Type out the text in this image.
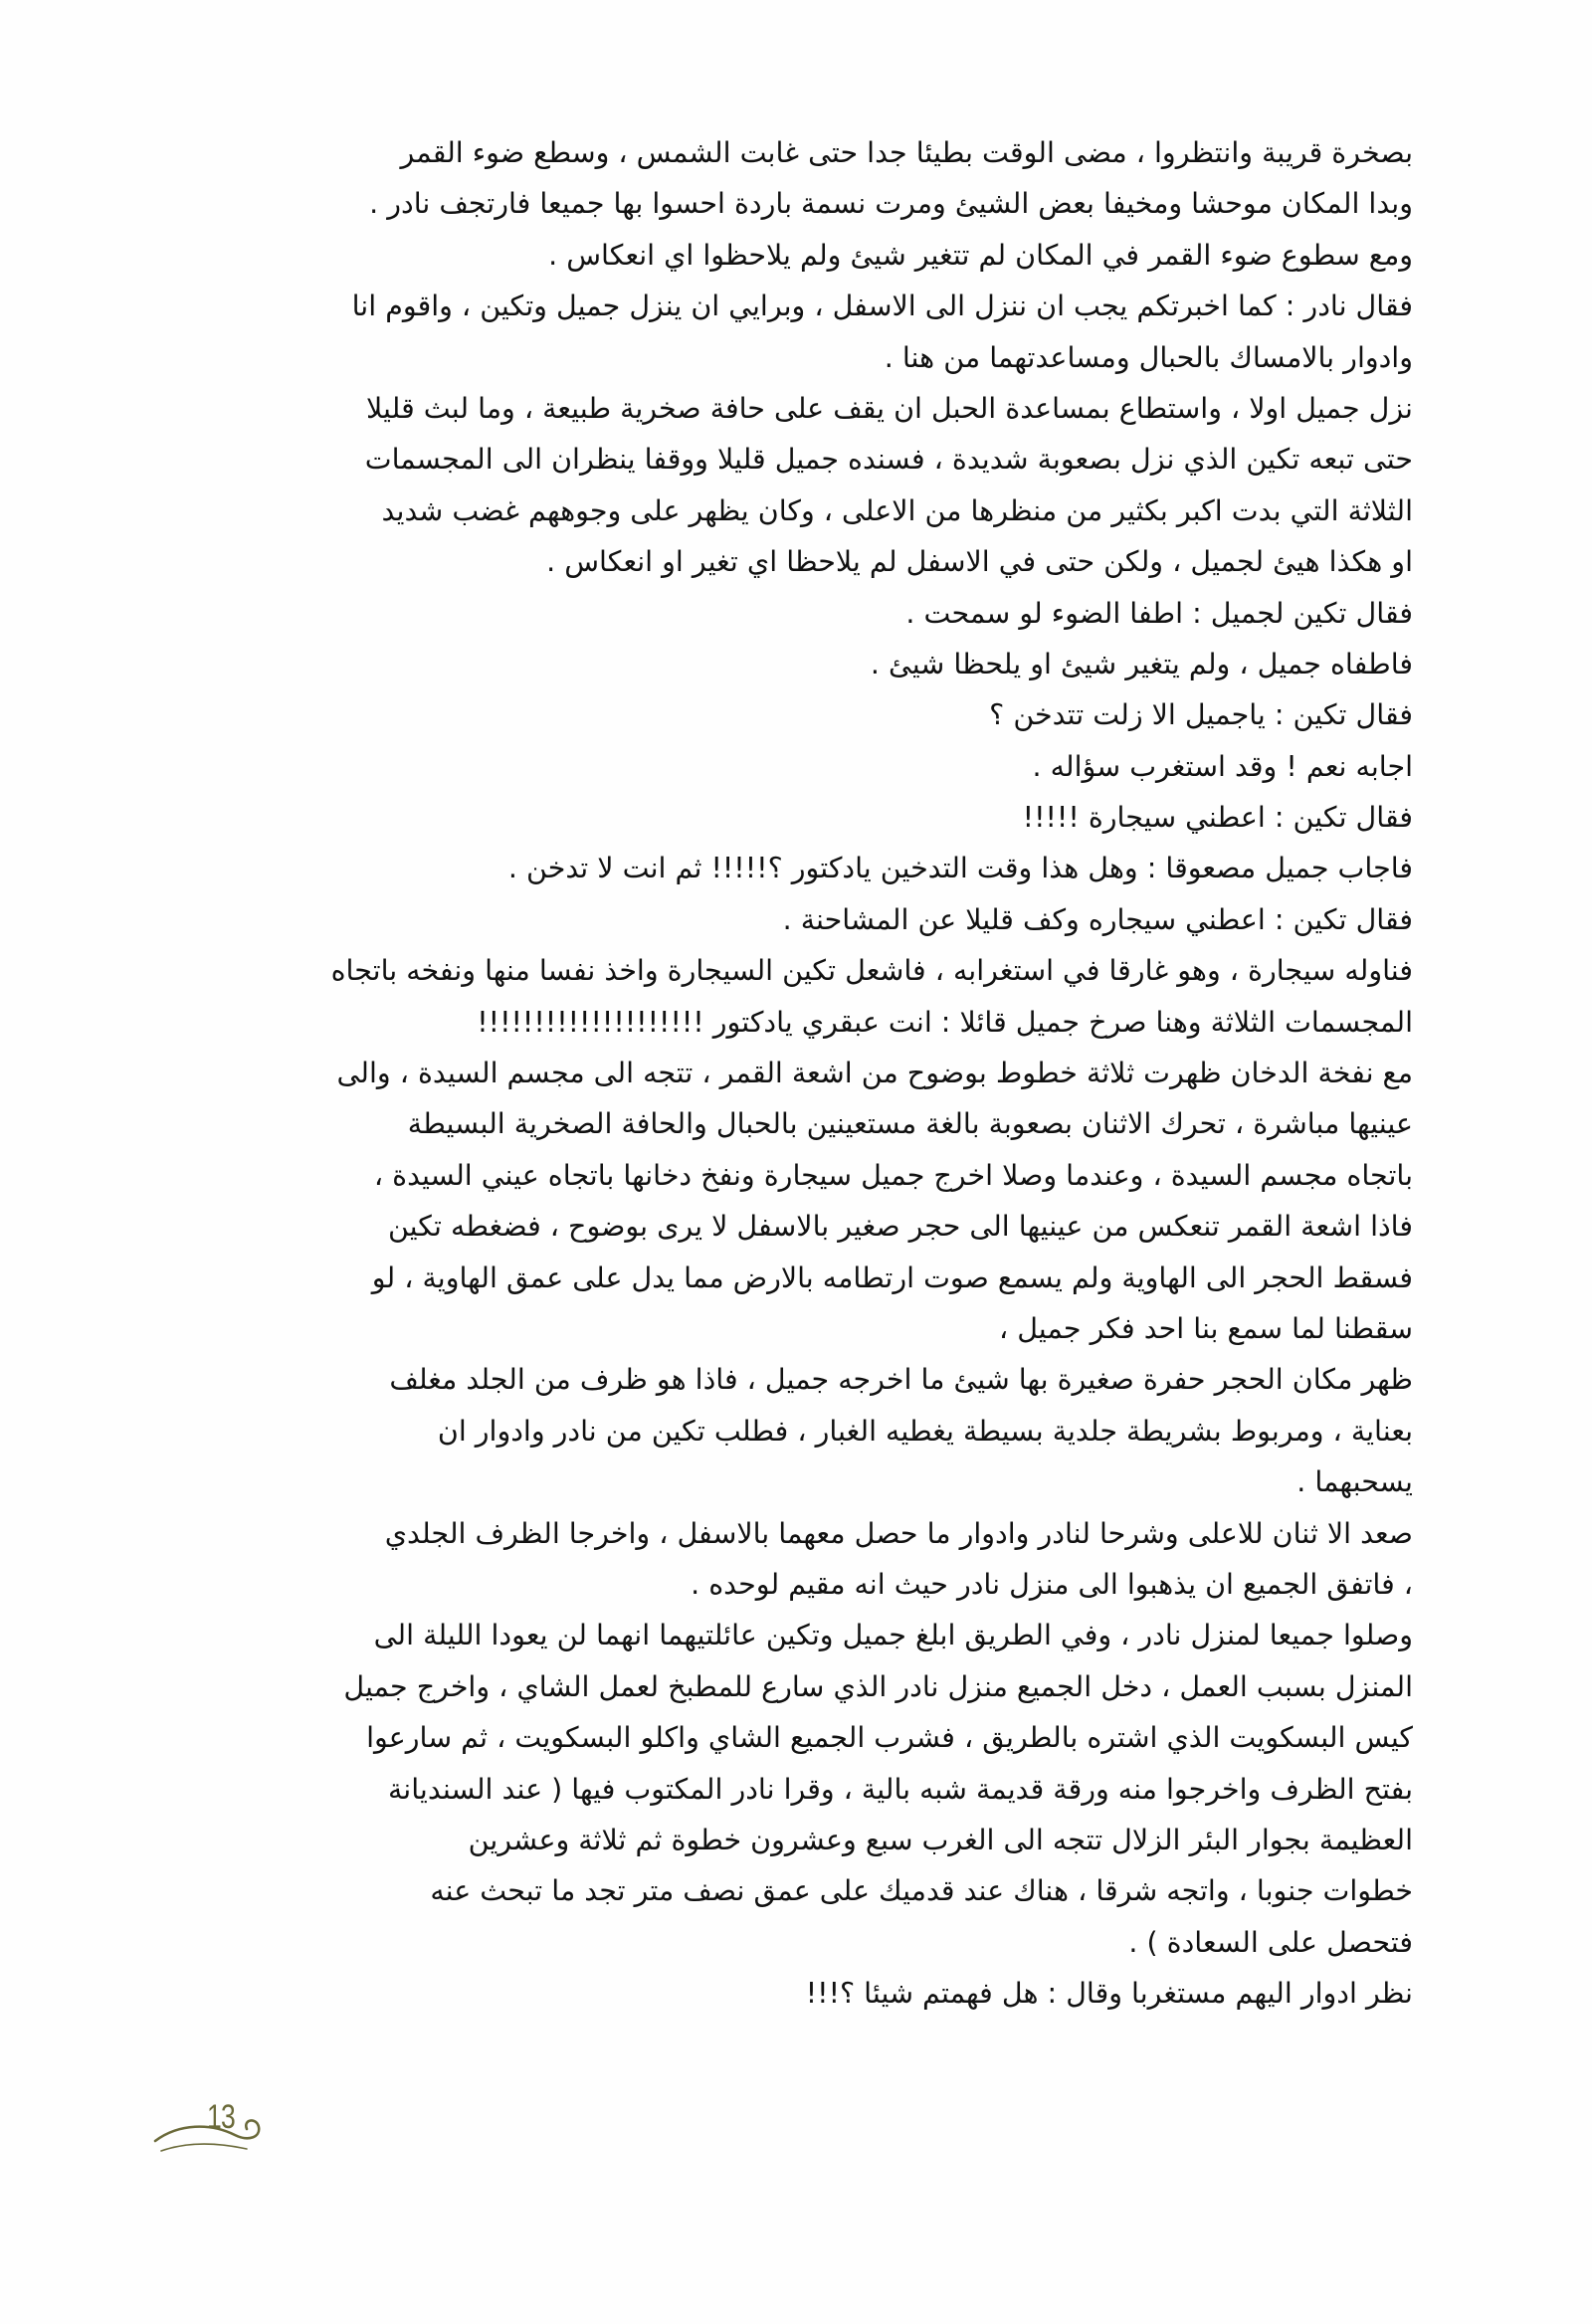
بصخرة قريبة وانتظروا ، مضى الوقت بطيئا جدا حتى غابت الشمس ، وسطع ضوء القمر
وبدا المكان موحشا ومخيفا بعض الشيئ ومرت نسمة باردة احسوا بها جميعا فارتجف نادر .
ومع سطوع ضوء القمر في المكان لم تتغير شيئ ولم يلاحظوا اي انعكاس .
فقال نادر : كما اخبرتكم يجب ان ننزل الى الاسفل ، وبرايي ان ينزل جميل وتكين ، واقوم انا
وادوار بالامساك بالحبال ومساعدتهما من هنا .
نزل جميل اولا ، واستطاع بمساعدة الحبل ان يقف على حافة صخرية طبيعة ، وما لبث قليلا
حتى تبعه تكين الذي نزل بصعوبة شديدة ، فسنده جميل قليلا ووقفا ينظران الى المجسمات
الثلاثة التي بدت اكبر بكثير من منظرها من الاعلى ، وكان يظهر على وجوههم غضب شديد
او هكذا هيئ لجميل ، ولكن حتى في الاسفل لم يلاحظا اي تغير او انعكاس .
فقال تكين لجميل : اطفا الضوء لو سمحت .
فاطفاه جميل ، ولم يتغير شيئ او يلحظا شيئ .
فقال تكين : ياجميل الا زلت تتدخن ؟
اجابه نعم ! وقد استغرب سؤاله .
فقال تكين : اعطني سيجارة !!!!!
فاجاب جميل مصعوقا : وهل هذا وقت التدخين يادكتور ؟!!!!! ثم انت لا تدخن .
فقال تكين : اعطني سيجاره وكف قليلا عن المشاحنة .
فناوله سيجارة ، وهو غارقا في استغرابه ، فاشعل تكين السيجارة واخذ نفسا منها ونفخه باتجاه
المجسمات الثلاثة وهنا صرخ جميل قائلا : انت عبقري يادكتور !!!!!!!!!!!!!!!!!!!!
مع نفخة الدخان ظهرت ثلاثة خطوط بوضوح من اشعة القمر ، تتجه الى مجسم السيدة ، والى
عينيها مباشرة ، تحرك الاثنان بصعوبة بالغة مستعينين بالحبال والحافة الصخرية البسيطة
باتجاه مجسم السيدة ، وعندما وصلا اخرج جميل سيجارة ونفخ دخانها باتجاه عيني السيدة ،
فاذا اشعة القمر تنعكس من عينيها الى حجر صغير بالاسفل لا يرى بوضوح ، فضغطه تكين
فسقط الحجر الى الهاوية ولم يسمع صوت ارتطامه بالارض مما يدل على عمق الهاوية ، لو
سقطنا لما سمع بنا احد فكر جميل ،
ظهر مكان الحجر حفرة صغيرة بها شيئ ما اخرجه جميل ، فاذا هو ظرف من الجلد مغلف
بعناية ، ومربوط بشريطة جلدية بسيطة يغطيه الغبار ، فطلب تكين من نادر وادوار ان
يسحبهما .
صعد الا ثنان للاعلى وشرحا لنادر وادوار ما حصل معهما بالاسفل ، واخرجا الظرف الجلدي
، فاتفق الجميع ان يذهبوا الى منزل نادر حيث انه مقيم لوحده .
وصلوا جميعا لمنزل نادر ، وفي الطريق ابلغ جميل وتكين عائلتيهما انهما لن يعودا الليلة الى
المنزل بسبب العمل ، دخل الجميع منزل نادر الذي سارع للمطبخ لعمل الشاي ، واخرج جميل
كيس البسكويت الذي اشتره بالطريق ، فشرب الجميع الشاي واكلو البسكويت ، ثم سارعوا
بفتح الظرف واخرجوا منه ورقة قديمة شبه بالية ، وقرا نادر المكتوب فيها ( عند السنديانة
العظيمة بجوار البئر الزلال تتجه الى الغرب سبع وعشرون خطوة ثم ثلاثة وعشرين
خطوات جنوبا ، واتجه شرقا ، هناك عند قدميك على عمق نصف متر تجد ما تبحث عنه
فتحصل على السعادة ) .
نظر ادوار اليهم مستغربا وقال : هل فهمتم شيئا ؟!!!
13
